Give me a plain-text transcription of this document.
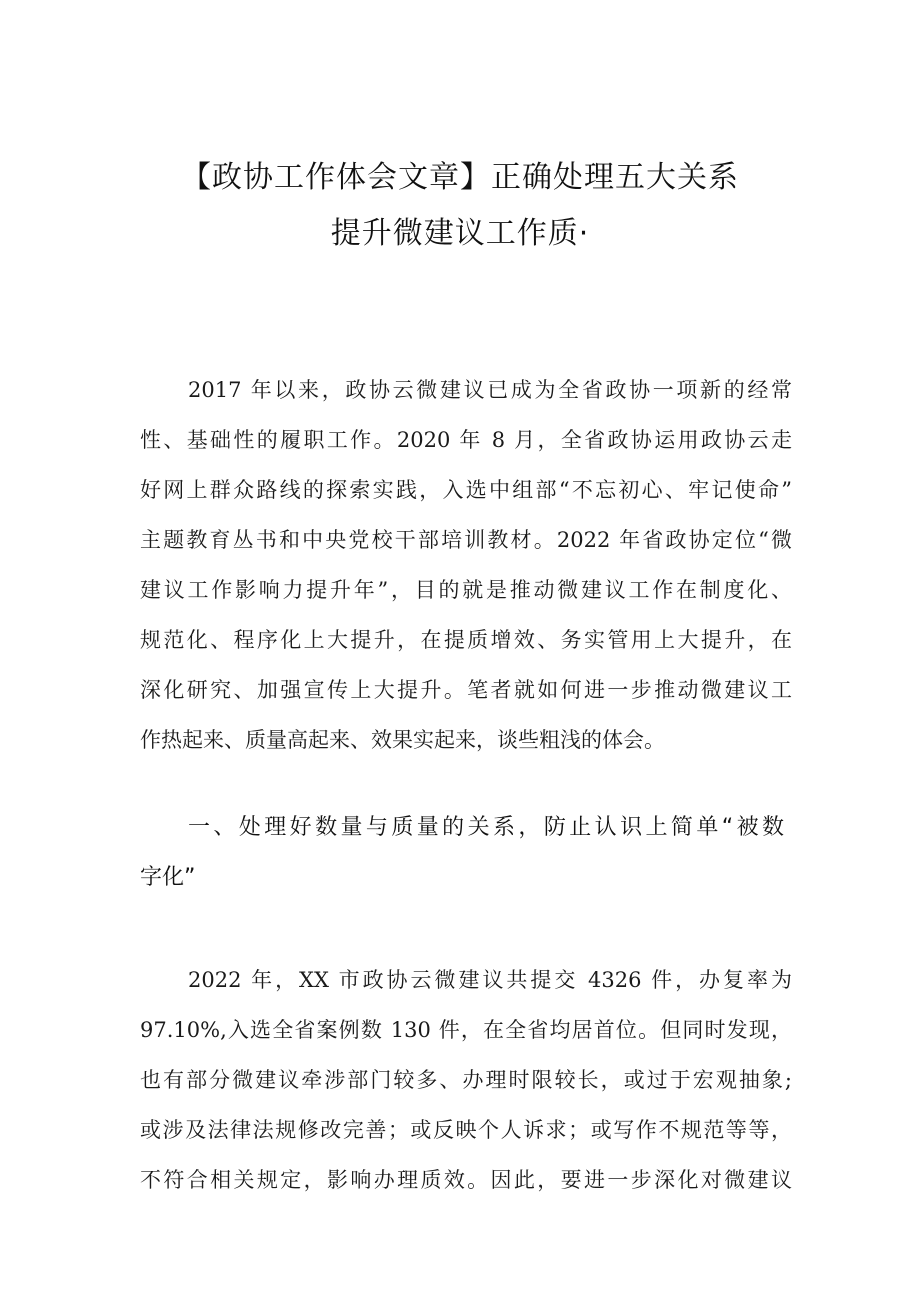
【政协工作体会文章】正确处理五大关系
提升微建议工作质·
2017 年以来，政协云微建议已成为全省政协一项新的经常
性、基础性的履职工作。2020 年 8 月，全省政协运用政协云走
好网上群众路线的探索实践，入选中组部“不忘初心、牢记使命”
主题教育丛书和中央党校干部培训教材。2022 年省政协定位“微
建议工作影响力提升年”，目的就是推动微建议工作在制度化、
规范化、程序化上大提升，在提质增效、务实管用上大提升，在
深化研究、加强宣传上大提升。笔者就如何进一步推动微建议工
作热起来、质量高起来、效果实起来，谈些粗浅的体会。
一、处理好数量与质量的关系，防止认识上简单“被数
字化”
2022 年，XX 市政协云微建议共提交 4326 件，办复率为
97.10%,入选全省案例数 130 件，在全省均居首位。但同时发现，
也有部分微建议牵涉部门较多、办理时限较长，或过于宏观抽象;
或涉及法律法规修改完善；或反映个人诉求；或写作不规范等等，
不符合相关规定，影响办理质效。因此，要进一步深化对微建议
